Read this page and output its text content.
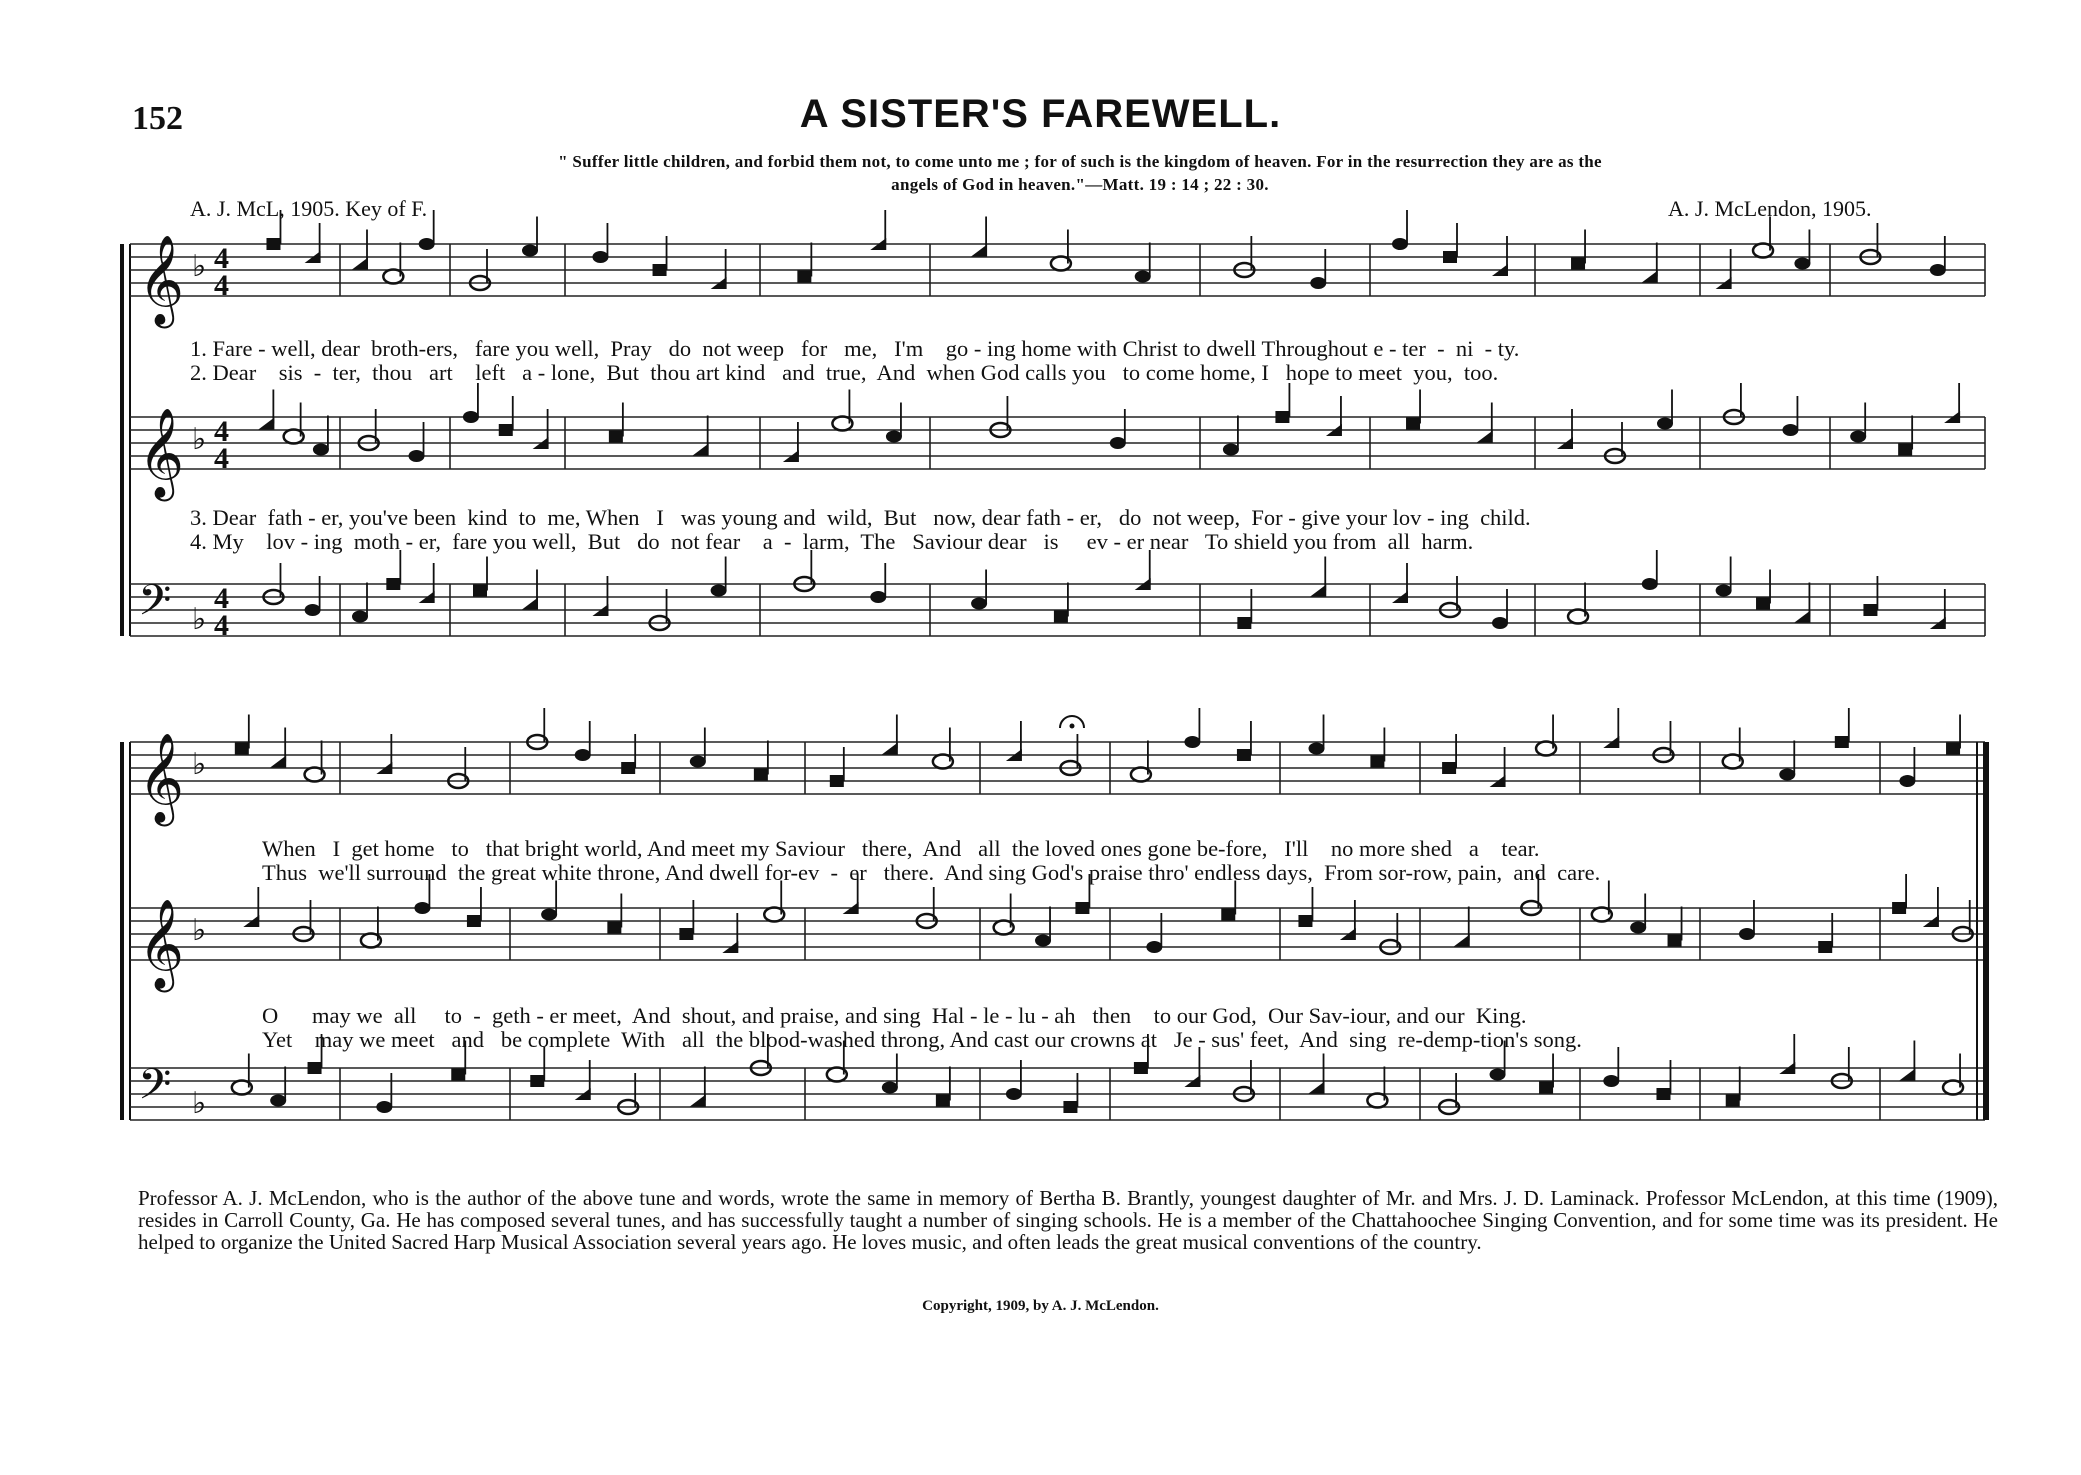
152	A SISTER'S FAREWELL.
" Suffer little children, and forbid them not, to come unto me ; for of such is the kingdom of heaven. For in the resurrection they are as the
angels of God in heaven."—Matt. 19 : 14 ; 22 : 30.
A. J. McL, 1905. Key of F.	A. J. McLendon, 1905.
𝄞 ♭ 4
4
𝄞 ♭ 4
4
𝄢 ♭
4
4
𝄞 ♭
𝄞 ♭
𝄢 ♭
1. Fare - well, dear  broth-ers,   fare you well,  Pray   do  not weep   for   me,   I'm    go - ing home with Christ to dwell Throughout e - ter  -  ni  - ty.
2. Dear    sis  -  ter,  thou   art    left   a - lone,  But  thou art kind   and  true,  And  when God calls you   to come home, I   hope to meet  you,  too.
3. Dear  fath - er, you've been  kind  to  me, When   I   was young and  wild,  But   now, dear fath - er,   do  not weep,  For - give your lov - ing  child.
4. My    lov - ing  moth - er,  fare you well,  But   do  not fear    a  -  larm,  The   Saviour dear   is     ev - er near   To shield you from  all  harm.
When   I  get home   to   that bright world, And meet my Saviour   there,  And   all  the loved ones gone be-fore,   I'll    no more shed   a    tear.
Thus  we'll surround  the great white throne, And dwell for-ev  -  er   there.  And sing God's praise thro' endless days,  From sor-row, pain,  and  care.
O      may we  all     to  -  geth - er meet,  And  shout, and praise, and sing  Hal - le - lu - ah   then    to our God,  Our Sav-iour, and our  King.
Yet    may we meet   and   be complete  With   all  the blood-washed throng, And cast our crowns at   Je - sus' feet,  And  sing  re-demp-tion's song.
Professor A. J. McLendon, who is the author of the above tune and words, wrote the same in memory of Bertha B. Brantly, youngest daughter of Mr. and Mrs. J. D. Laminack. Professor McLendon, at this time (1909), resides in Carroll County, Ga. He has composed several tunes, and has successfully taught a number of singing schools. He is a member of the Chattahoochee Singing Convention, and for some time was its president. He helped to organize the United Sacred Harp Musical Association several years ago. He loves music, and often leads the great musical conventions of the country.
Copyright, 1909, by A. J. McLendon.
